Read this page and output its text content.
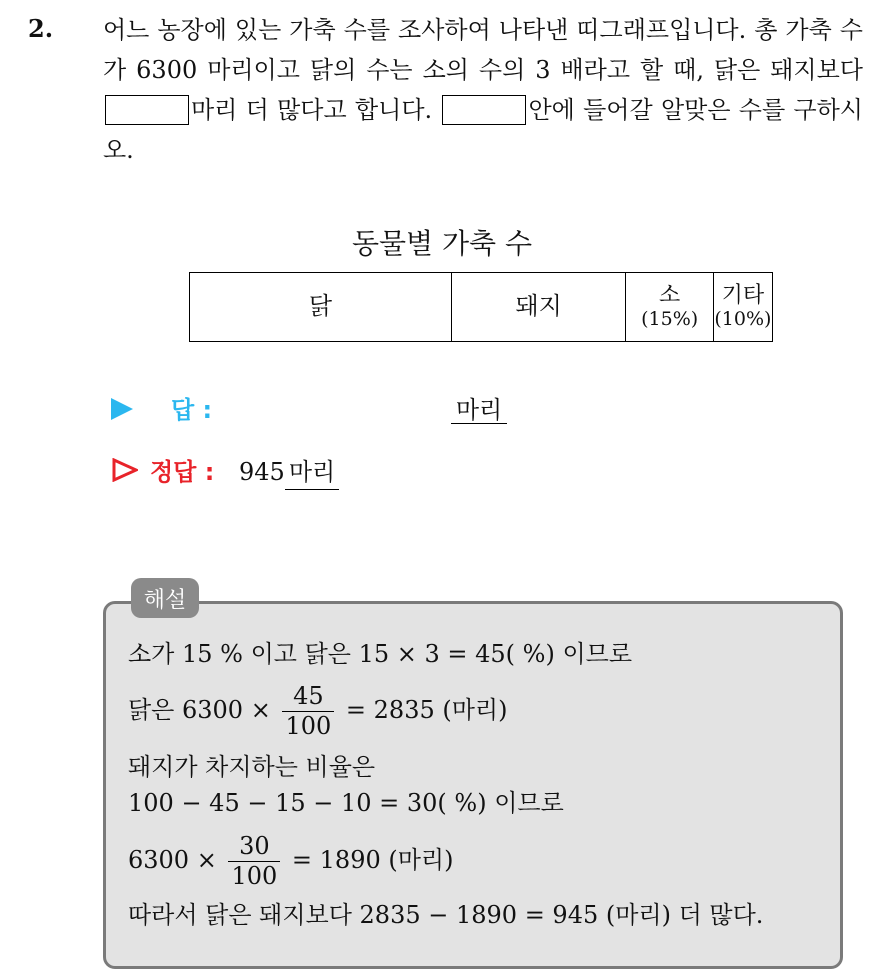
2. 어느 농장에 있는 가축 수를 조사하여 나타낸 띠그래프입니다. 총 가축 수가 6300 마리이고 닭의 수는 소의 수의 3 배라고 할 때, 닭은 돼지보다 마리 더 많다고 합니다.	안에 들어갈 알맞은 수를 구하시오.
동물별 가축 수
닭	돼지	소
(15%)
기타
(10%)
답 :	마리
정답 : 945 마리
해설
소가 15 % 이고 닭은 15 × 3 = 45( %) 이므로
닭은 $6300 \times \frac{45}{100} = 2835$ (마리)
돼지가 차지하는 비율은
100 − 45 − 15 − 10 = 30( %) 이므로
$6300 \times \frac{30}{100} = 1890$ (마리)
따라서 닭은 돼지보다 2835 − 1890 = 945 (마리) 더 많다.
